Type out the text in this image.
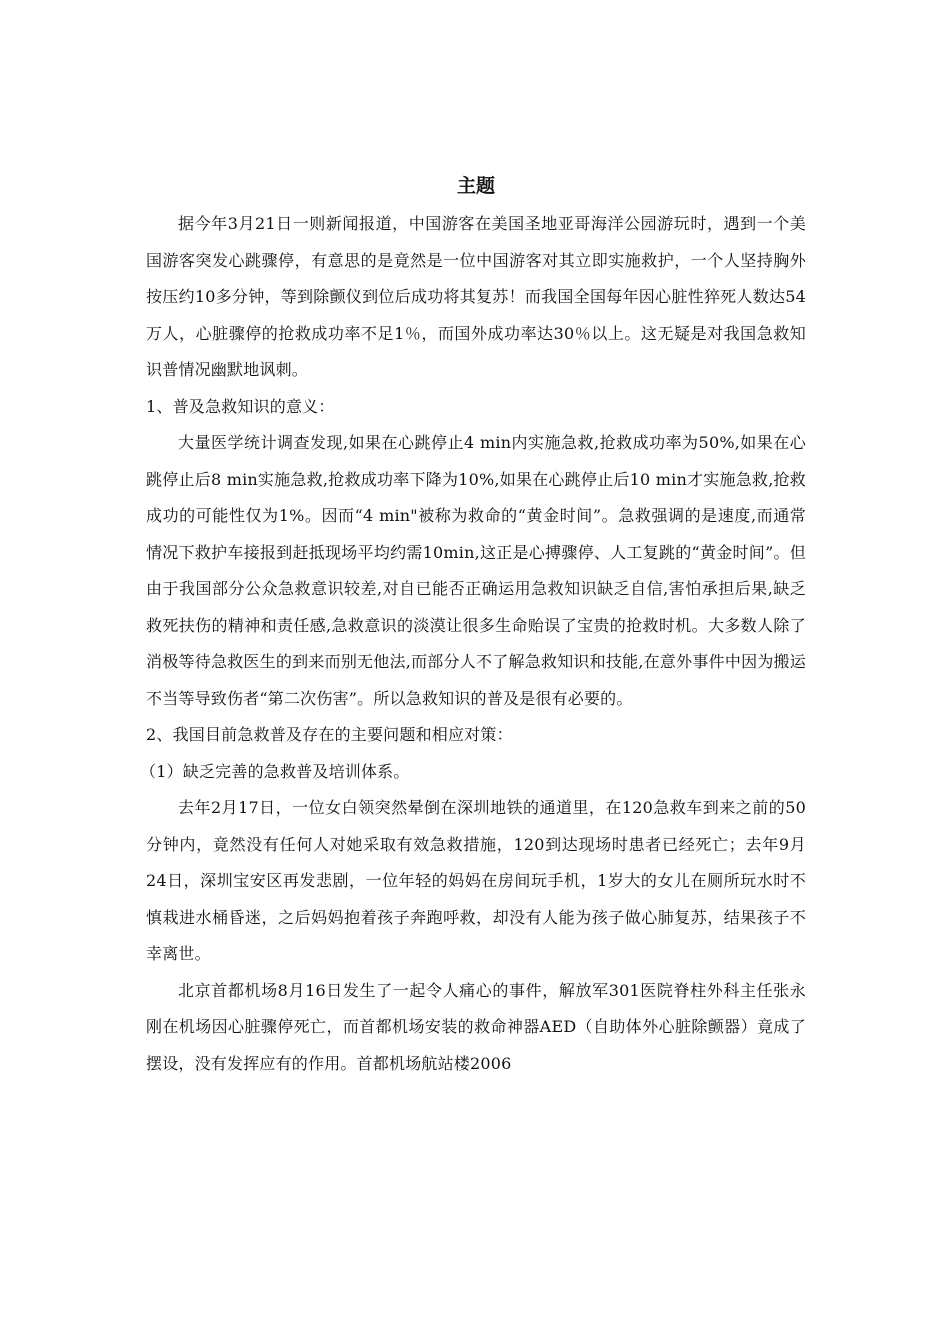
主题

据今年3月21日一则新闻报道，中国游客在美国圣地亚哥海洋公园游玩时，遇到一个美国游客突发心跳骤停，有意思的是竟然是一位中国游客对其立即实施救护，一个人坚持胸外按压约10多分钟，等到除颤仪到位后成功将其复苏！而我国全国每年因心脏性猝死人数达54万人，心脏骤停的抢救成功率不足1％，而国外成功率达30％以上。这无疑是对我国急救知识普情况幽默地讽刺。

1、普及急救知识的意义：

大量医学统计调查发现,如果在心跳停止4 min内实施急救,抢救成功率为50%,如果在心跳停止后8 min实施急救,抢救成功率下降为10%,如果在心跳停止后10 min才实施急救,抢救成功的可能性仅为1%。因而“4 min"被称为救命的“黄金时间”。急救强调的是速度,而通常情况下救护车接报到赶抵现场平均约需10min,这正是心搏骤停、人工复跳的“黄金时间”。但由于我国部分公众急救意识较差,对自已能否正确运用急救知识缺乏自信,害怕承担后果,缺乏救死扶伤的精神和责任感,急救意识的淡漠让很多生命贻误了宝贵的抢救时机。大多数人除了消极等待急救医生的到来而别无他法,而部分人不了解急救知识和技能,在意外事件中因为搬运不当等导致伤者“第二次伤害”。所以急救知识的普及是很有必要的。

2、我国目前急救普及存在的主要问题和相应对策：

（1）缺乏完善的急救普及培训体系。

去年2月17日，一位女白领突然晕倒在深圳地铁的通道里，在120急救车到来之前的50分钟内，竟然没有任何人对她采取有效急救措施，120到达现场时患者已经死亡；去年9月24日，深圳宝安区再发悲剧，一位年轻的妈妈在房间玩手机，1岁大的女儿在厕所玩水时不慎栽进水桶昏迷，之后妈妈抱着孩子奔跑呼救，却没有人能为孩子做心肺复苏，结果孩子不幸离世。

北京首都机场8月16日发生了一起令人痛心的事件，解放军301医院脊柱外科主任张永刚在机场因心脏骤停死亡，而首都机场安装的救命神器AED（自助体外心脏除颤器）竟成了摆设，没有发挥应有的作用。首都机场航站楼2006
